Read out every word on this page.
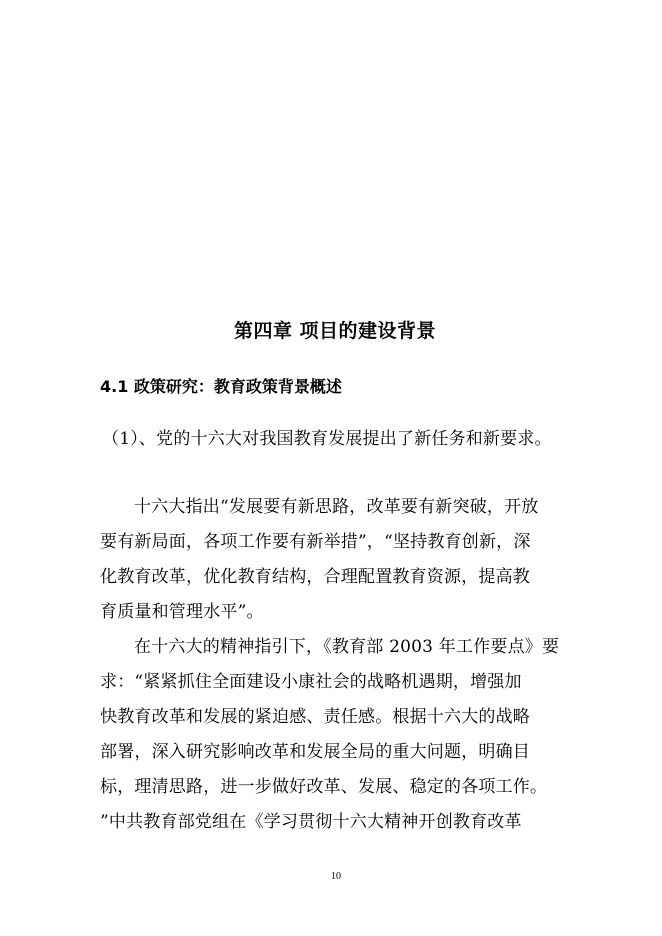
第四章 项目的建设背景
4.1 政策研究：教育政策背景概述
（1）、党的十六大对我国教育发展提出了新任务和新要求。
十六大指出“发展要有新思路，改革要有新突破，开放
要有新局面，各项工作要有新举措”，“坚持教育创新，深
化教育改革，优化教育结构，合理配置教育资源，提高教
育质量和管理水平”。
在十六大的精神指引下，《教育部 2003 年工作要点》要
求：“紧紧抓住全面建设小康社会的战略机遇期，增强加
快教育改革和发展的紧迫感、责任感。根据十六大的战略
部署，深入研究影响改革和发展全局的重大问题，明确目
标，理清思路，进一步做好改革、发展、稳定的各项工作。
”中共教育部党组在《学习贯彻十六大精神开创教育改革
10
